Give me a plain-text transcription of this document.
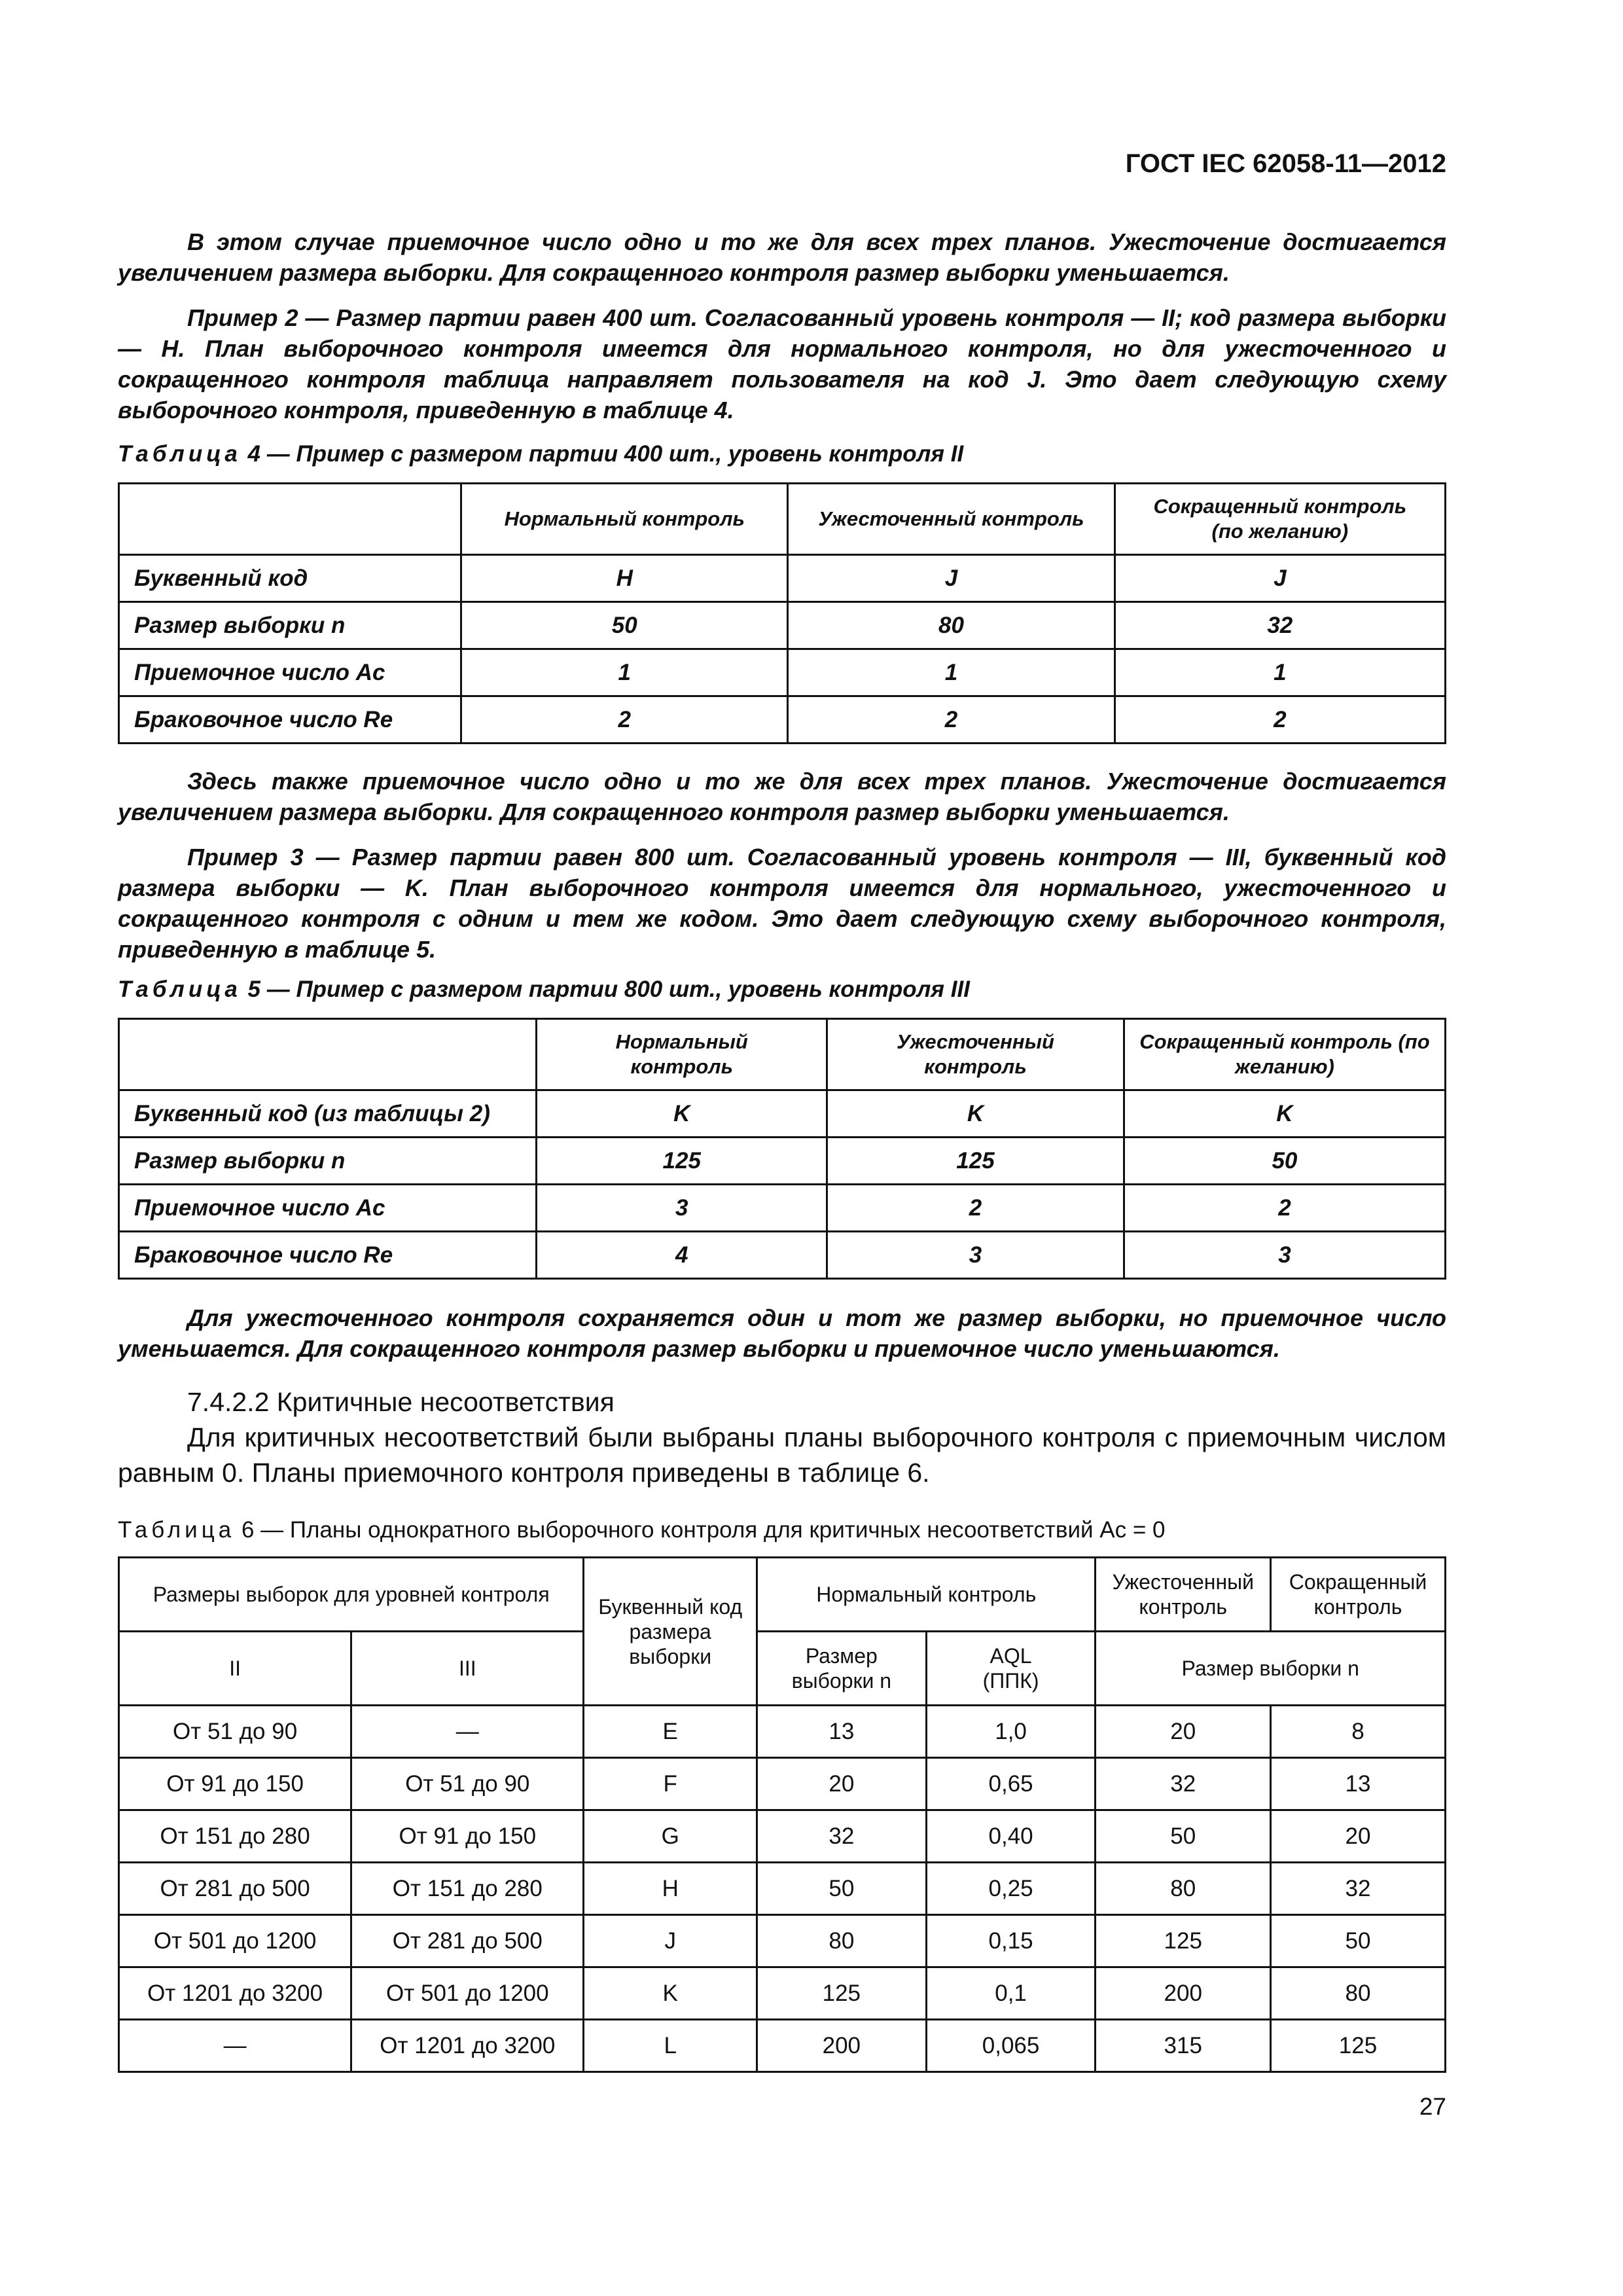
ГОСТ IEC 62058-11—2012
В этом случае приемочное число одно и то же для всех трех планов. Ужесточение достигается увеличением размера выборки. Для сокращенного контроля размер выборки уменьшается.
Пример 2 — Размер партии равен 400 шт. Согласованный уровень контроля — II; код размера выборки — H. План выборочного контроля имеется для нормального контроля, но для ужесточенного и сокращенного контроля таблица направляет пользователя на код J. Это дает следующую схему выборочного контроля, приведенную в таблице 4.
Таблица 4 — Пример с размером партии 400 шт., уровень контроля II
	Нормальный контроль	Ужесточенный контроль	Сокращенный контроль (по желанию)
Буквенный код	H	J	J
Размер выборки n	50	80	32
Приемочное число Ac	1	1	1
Браковочное число Re	2	2	2
Здесь также приемочное число одно и то же для всех трех планов. Ужесточение достигается увеличением размера выборки. Для сокращенного контроля размер выборки уменьшается.
Пример 3 — Размер партии равен 800 шт. Согласованный уровень контроля — III, буквенный код размера выборки — K. План выборочного контроля имеется для нормального, ужесточенного и сокращенного контроля с одним и тем же кодом. Это дает следующую схему выборочного контроля, приведенную в таблице 5.
Таблица 5 — Пример с размером партии 800 шт., уровень контроля III
	Нормальный контроль	Ужесточенный контроль	Сокращенный контроль (по желанию)
Буквенный код (из таблицы 2)	K	K	K
Размер выборки n	125	125	50
Приемочное число Ac	3	2	2
Браковочное число Re	4	3	3
Для ужесточенного контроля сохраняется один и тот же размер выборки, но приемочное число уменьшается. Для сокращенного контроля размер выборки и приемочное число уменьшаются.
7.4.2.2 Критичные несоответствия
Для критичных несоответствий были выбраны планы выборочного контроля с приемочным числом равным 0. Планы приемочного контроля приведены в таблице 6.
Таблица 6 — Планы однократного выборочного контроля для критичных несоответствий Ac = 0
Размеры выборок для уровней контроля		Буквенный код размера выборки	Нормальный контроль		Ужесточенный контроль	Сокращенный контроль
II	III		Размер выборки n	AQL (ППК)	Размер выборки n	
От 51 до 90	—	E	13	1,0	20	8
От 91 до 150	От 51 до 90	F	20	0,65	32	13
От 151 до 280	От 91 до 150	G	32	0,40	50	20
От 281 до 500	От 151 до 280	H	50	0,25	80	32
От 501 до 1200	От 281 до 500	J	80	0,15	125	50
От 1201 до 3200	От 501 до 1200	K	125	0,1	200	80
—	От 1201 до 3200	L	200	0,065	315	125
27
